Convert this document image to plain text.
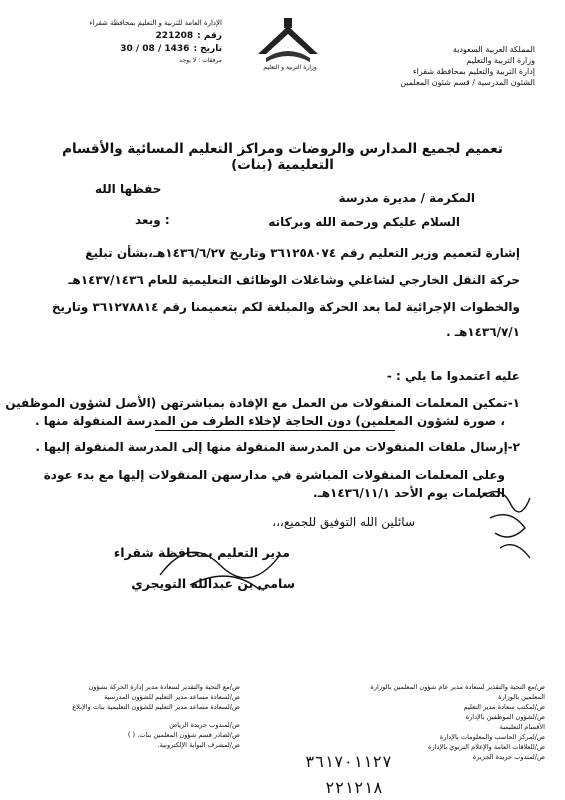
المملكة العربية السعودية
وزارة التربية والتعليم
إدارة التربية والتعليم بمحافظة شقراء
الشئون المدرسية / قسم شئون المعلمين
وزارة التربية و التعليم
الإدارة العامة للتربية و التعليم بمحافظة شقراء
رقم :
221208
تاريخ :
1436 / 08 / 30
مرفقات : لا يوجد
تعميم لجميع المدارس والروضات ومراكز التعليم المسائية والأقسام التعليمية (بنات)
المكرمة / مديرة مدرسة
حفظها الله
السلام عليكم ورحمة الله وبركاته
وبعد :
إشارة لتعميم وزير التعليم رقم ٣٦١٢٥٨٠٧٤ وتاريخ ١٤٣٦/٦/٢٧هـ،بشأن تبليغ
حركة النقل الخارجي لشاغلي وشاغلات الوظائف التعليمية للعام ١٤٣٧/١٤٣٦هـ
والخطوات الإجرائية لما بعد الحركة والمبلغة لكم بتعميمنا رقم ٣٦١٢٧٨٨١٤ وتاريخ
١٤٣٦/٧/١هـ .
عليه اعتمدوا ما يلي : -
١-تمكين المعلمات المنقولات من العمل مع الإفادة بمباشرتهن (الأصل لشؤون الموظفين
، صورة لشؤون المعلمين) دون الحاجة لإخلاء الطرف من المدرسة المنقولة منها .
٢-إرسال ملفات المنقولات من المدرسة المنقولة منها إلى المدرسة المنقولة إليها .
وعلى المعلمات المنقولات المباشرة في مدارسهن المنقولات إليها مع بدء عودة
المعلمات يوم الأحد ١٤٣٦/١١/١هـ.
سائلين الله التوفيق للجميع،،،
مدير التعليم بمحافظة شقراء
سامي بن عبدالله التويجري
ص/مع التحية والتقدير لسعادة مدير عام شؤون المعلمين بالوزارة
المعلمين بالوزارة
ص/لمكتب سعادة مدير التعليم
ص/لشؤون الموظفين بالإدارة
الأقسام التعليمية
ص/لمركز الحاسب والمعلومات بالإدارة
ص/للعلاقات العامة والإعلام التربوي بالإدارة
ص/لمندوب جريدة الجزيرة
ص/مع التحية والتقدير لسعادة مدير إدارة الحركة بشؤون
ص/لسعادة مساعد مدير التعليم للشؤون المدرسية
ص/لسعادة مساعد مدير التعليم للشؤون التعليمية بنات والإبلاغ
ص/لمندوب جريدة الرياض
ص/لصادر قسم شؤون المعلمين بنات. ( )
ص/لمشرف البوابة الإلكترونية.
٣٦١٧٠١١٢٧
٢٢١٢١٨
